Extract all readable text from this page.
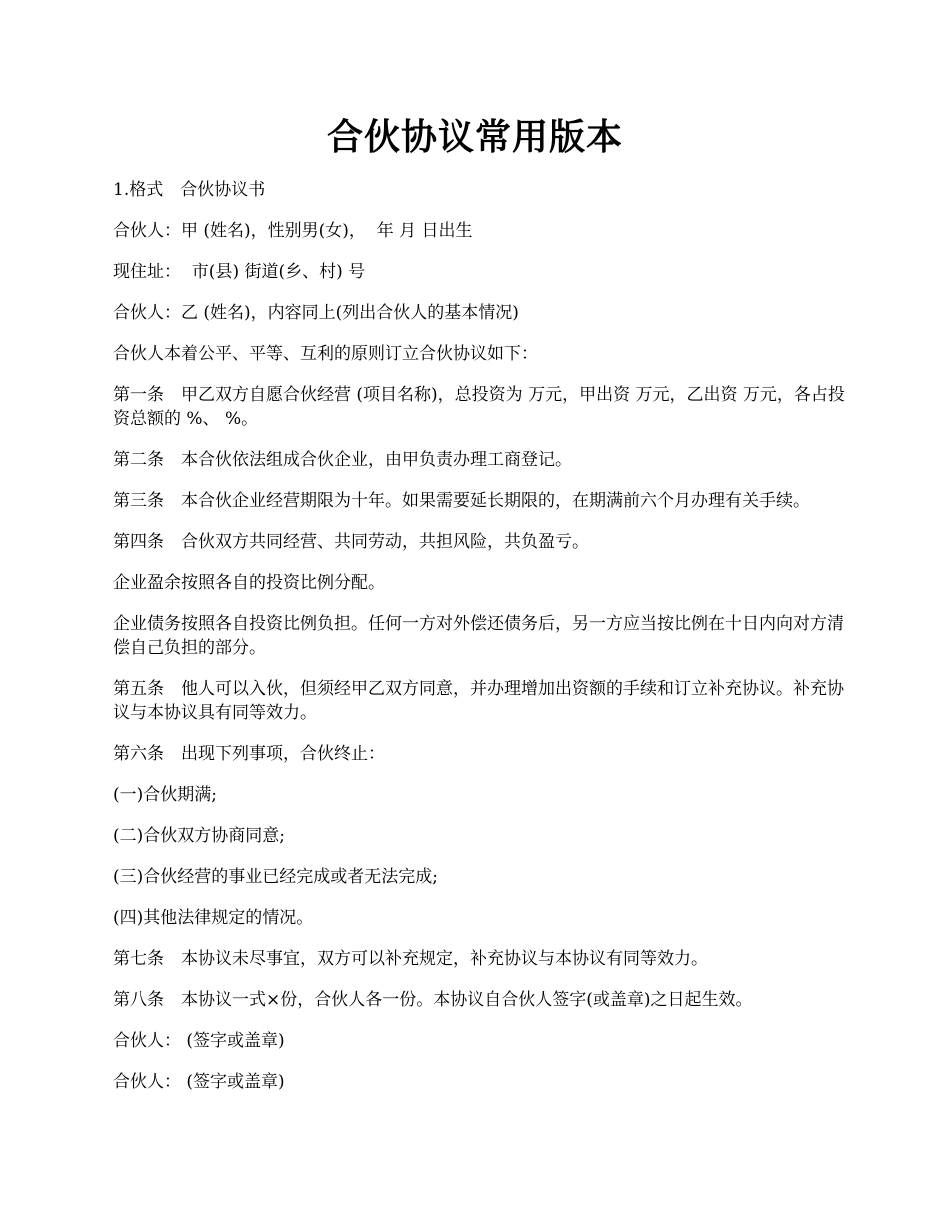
合伙协议常用版本

1.格式　合伙协议书

合伙人：甲 (姓名)，性别男(女)，  年 月 日出生

现住址：  市(县) 街道(乡、村) 号

合伙人：乙 (姓名)，内容同上(列出合伙人的基本情况)

合伙人本着公平、平等、互利的原则订立合伙协议如下：

第一条　甲乙双方自愿合伙经营 (项目名称)，总投资为 万元，甲出资 万元，乙出资 万元，各占投资总额的 %、 %。

第二条　本合伙依法组成合伙企业，由甲负责办理工商登记。

第三条　本合伙企业经营期限为十年。如果需要延长期限的，在期满前六个月办理有关手续。

第四条　合伙双方共同经营、共同劳动，共担风险，共负盈亏。

企业盈余按照各自的投资比例分配。

企业债务按照各自投资比例负担。任何一方对外偿还债务后，另一方应当按比例在十日内向对方清偿自己负担的部分。

第五条　他人可以入伙，但须经甲乙双方同意，并办理增加出资额的手续和订立补充协议。补充协议与本协议具有同等效力。

第六条　出现下列事项，合伙终止：

(一)合伙期满;

(二)合伙双方协商同意;

(三)合伙经营的事业已经完成或者无法完成;

(四)其他法律规定的情况。

第七条　本协议未尽事宜，双方可以补充规定，补充协议与本协议有同等效力。

第八条　本协议一式×份，合伙人各一份。本协议自合伙人签字(或盖章)之日起生效。

合伙人： (签字或盖章)

合伙人： (签字或盖章)
